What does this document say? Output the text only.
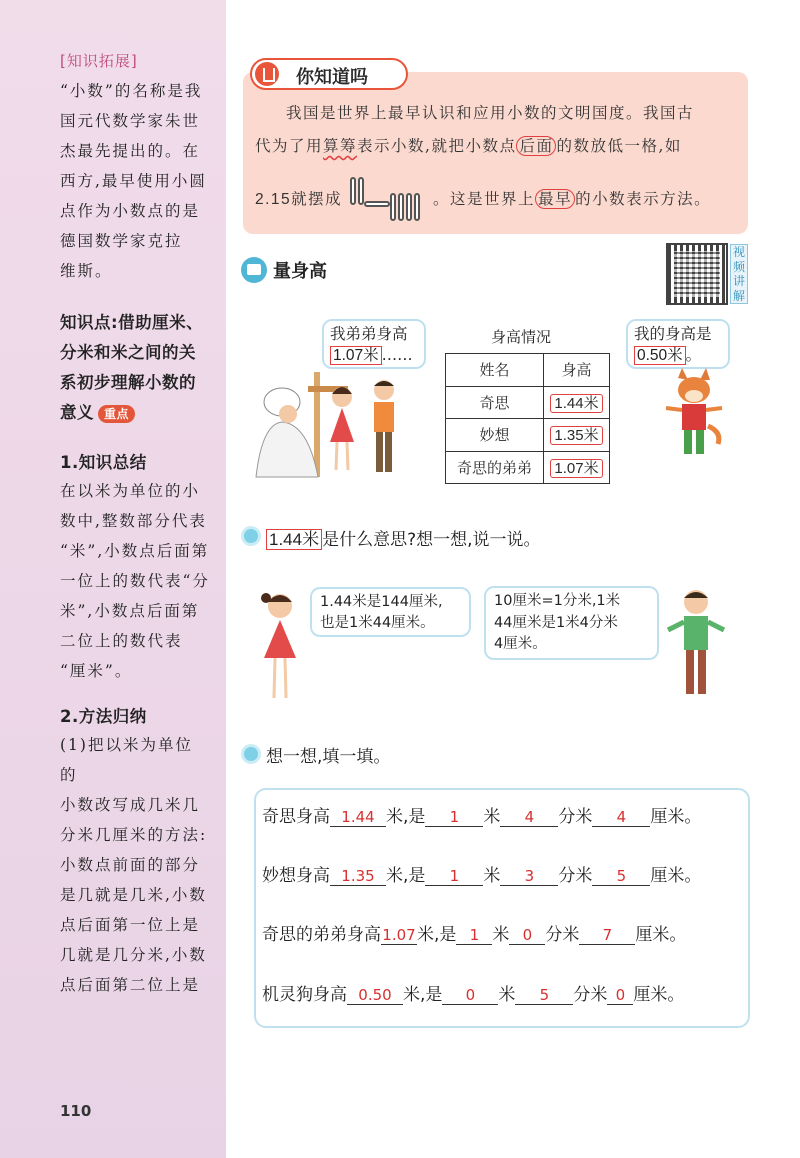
[知识拓展]
“小数”的名称是我
国元代数学家朱世
杰最先提出的。在
西方,最早使用小圆
点作为小数点的是
德国数学家克拉
维斯。
知识点:借助厘米、
分米和米之间的关
系初步理解小数的
意义 重点
1.知识总结
在以米为单位的小
数中,整数部分代表
“米”,小数点后面第
一位上的数代表“分
米”,小数点后面第
二位上的数代表
“厘米”。
2.方法归纳
(1)把以米为单位的
小数改写成几米几
分米几厘米的方法:
小数点前面的部分
是几就是几米,小数
点后面第一位上是
几就是几分米,小数
点后面第二位上是
110
你知道吗
我国是世界上最早认识和应用小数的文明国度。我国古
代为了用算筹表示小数,就把小数点 后面 的数放低一格,如
2.15就摆成	。这是世界上 最早 的小数表示方法。
量身高
视频讲解
我弟弟身高
1.07米 ……
身高情况
姓名	身高
奇思	1.44米
妙想	1.35米
奇思的弟弟	1.07米
我的身高是
0.50米 。
1.44米 是什么意思?想一想,说一说。
1.44米是144厘米,
也是1米44厘米。
10厘米=1分米,1米
44厘米是1米4分米
4厘米。
想一想,填一填。
奇思身高 1.44 米,是 1 米 4 分米 4 厘米。
妙想身高 1.35 米,是 1 米 3 分米 5 厘米。
奇思的弟弟身高1.07米,是 1 米 0 分米 7 厘米。
机灵狗身高 0.50 米,是 0 米 5 分米 0 厘米。
